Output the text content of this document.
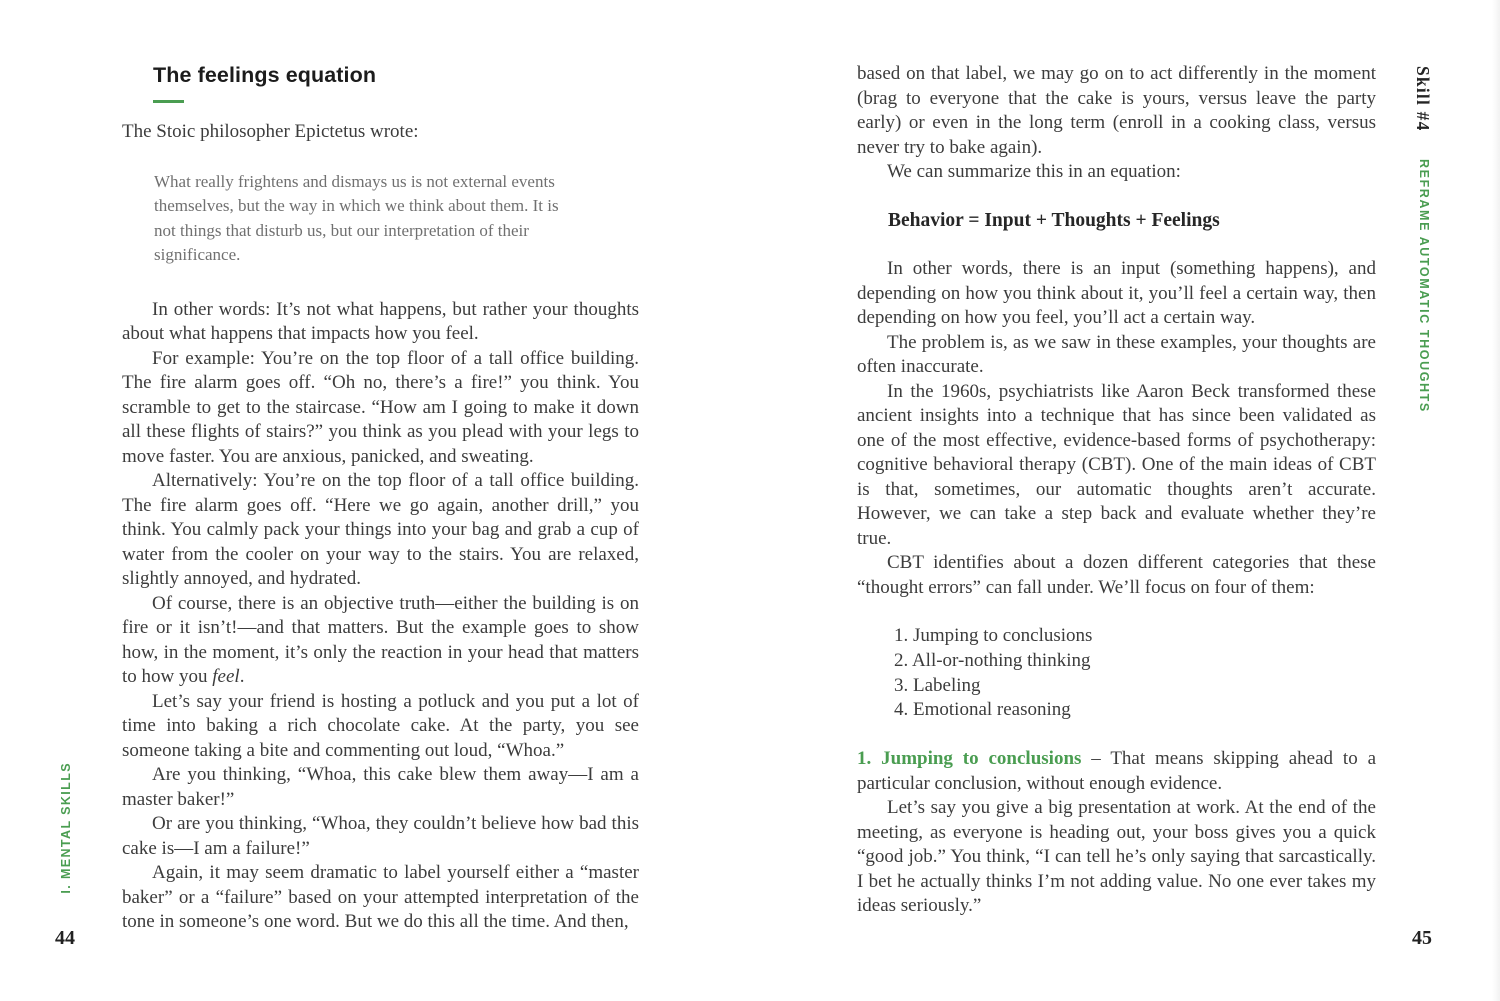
The feelings equation

The Stoic philosopher Epictetus wrote:

What really frightens and dismays us is not external events themselves, but the way in which we think about them. It is not things that disturb us, but our interpretation of their significance.

In other words: It’s not what happens, but rather your thoughts about what happens that impacts how you feel.

For example: You’re on the top floor of a tall office building. The fire alarm goes off. “Oh no, there’s a fire!” you think. You scramble to get to the staircase. “How am I going to make it down all these flights of stairs?” you think as you plead with your legs to move faster. You are anxious, panicked, and sweating.

Alternatively: You’re on the top floor of a tall office building. The fire alarm goes off. “Here we go again, another drill,” you think. You calmly pack your things into your bag and grab a cup of water from the cooler on your way to the stairs. You are relaxed, slightly annoyed, and hydrated.

Of course, there is an objective truth—either the building is on fire or it isn’t!—and that matters. But the example goes to show how, in the moment, it’s only the reaction in your head that matters to how you feel.

Let’s say your friend is hosting a potluck and you put a lot of time into baking a rich chocolate cake. At the party, you see someone taking a bite and commenting out loud, “Whoa.”

Are you thinking, “Whoa, this cake blew them away—I am a master baker!”

Or are you thinking, “Whoa, they couldn’t believe how bad this cake is—I am a failure!”

Again, it may seem dramatic to label yourself either a “master baker” or a “failure” based on your attempted interpretation of the tone in someone’s one word. But we do this all the time. And then,

based on that label, we may go on to act differently in the moment (brag to everyone that the cake is yours, versus leave the party early) or even in the long term (enroll in a cooking class, versus never try to bake again).

We can summarize this in an equation:

Behavior = Input + Thoughts + Feelings

In other words, there is an input (something happens), and depending on how you think about it, you’ll feel a certain way, then depending on how you feel, you’ll act a certain way.

The problem is, as we saw in these examples, your thoughts are often inaccurate.

In the 1960s, psychiatrists like Aaron Beck transformed these ancient insights into a technique that has since been validated as one of the most effective, evidence-based forms of psychotherapy: cognitive behavioral therapy (CBT). One of the main ideas of CBT is that, sometimes, our automatic thoughts aren’t accurate. However, we can take a step back and evaluate whether they’re true.

CBT identifies about a dozen different categories that these “thought errors” can fall under. We’ll focus on four of them:

1. Jumping to conclusions
2. All-or-nothing thinking
3. Labeling
4. Emotional reasoning

1. Jumping to conclusions – That means skipping ahead to a particular conclusion, without enough evidence.

Let’s say you give a big presentation at work. At the end of the meeting, as everyone is heading out, your boss gives you a quick “good job.” You think, “I can tell he’s only saying that sarcastically. I bet he actually thinks I’m not adding value. No one ever takes my ideas seriously.”

Skill #4
REFRAME AUTOMATIC THOUGHTS
I. MENTAL SKILLS
44	45
